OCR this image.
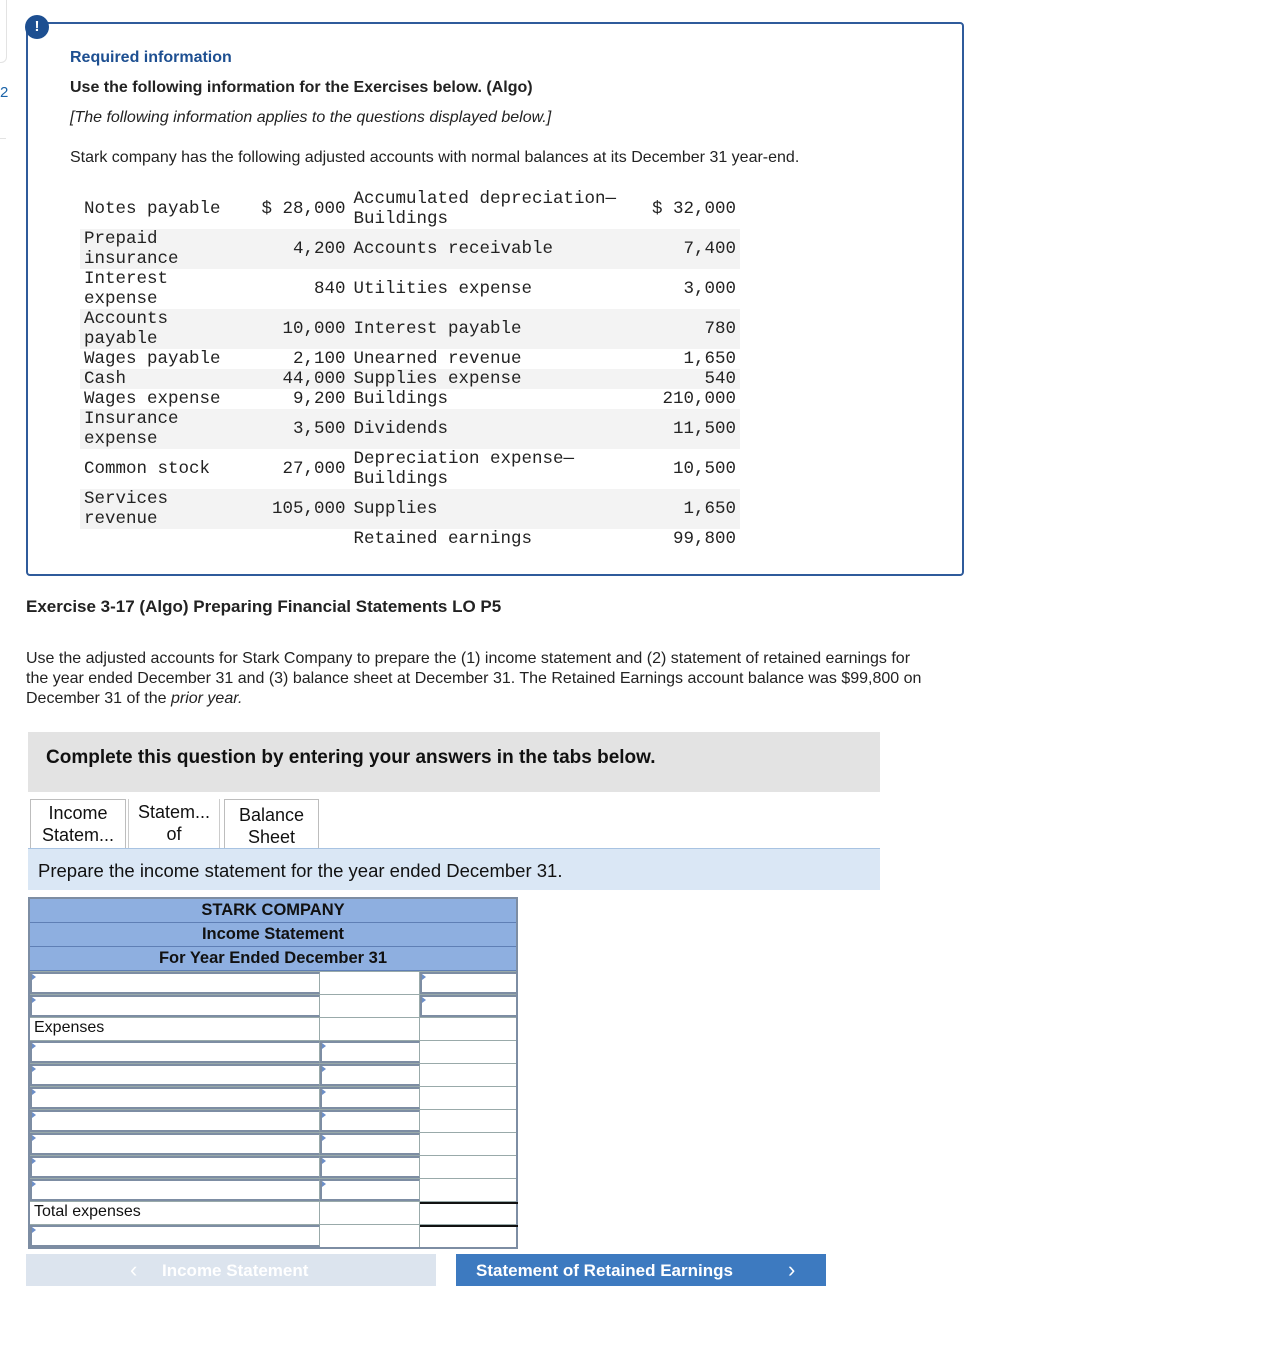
2
!
Required information
Use the following information for the Exercises below. (Algo)
[The following information applies to the questions displayed below.]
Stark company has the following adjusted accounts with normal balances at its December 31 year-end.
Notes payable	$ 28,000	Accumulated depreciation—Buildings	$ 32,000
Prepaid insurance	4,200	Accounts receivable	7,400
Interest expense	840	Utilities expense	3,000
Accounts payable	10,000	Interest payable	780
Wages payable	2,100	Unearned revenue	1,650
Cash	44,000	Supplies expense	540
Wages expense	9,200	Buildings	210,000
Insurance expense	3,500	Dividends	11,500
Common stock	27,000	Depreciation expense—Buildings	10,500
Services revenue	105,000	Supplies	1,650
		Retained earnings	99,800
Exercise 3-17 (Algo) Preparing Financial Statements LO P5
Use the adjusted accounts for Stark Company to prepare the (1) income statement and (2) statement of retained earnings for the year ended December 31 and (3) balance sheet at December 31. The Retained Earnings account balance was $99,800 on December 31 of the prior year.
Complete this question by entering your answers in the tabs below.
Income
Statem...
Statem...
of
Balance
Sheet
Prepare the income statement for the year ended December 31.
STARK COMPANY
Income Statement
For Year Ended December 31
Expenses
Total expenses
‹ Income Statement	Statement of Retained Earnings	›
